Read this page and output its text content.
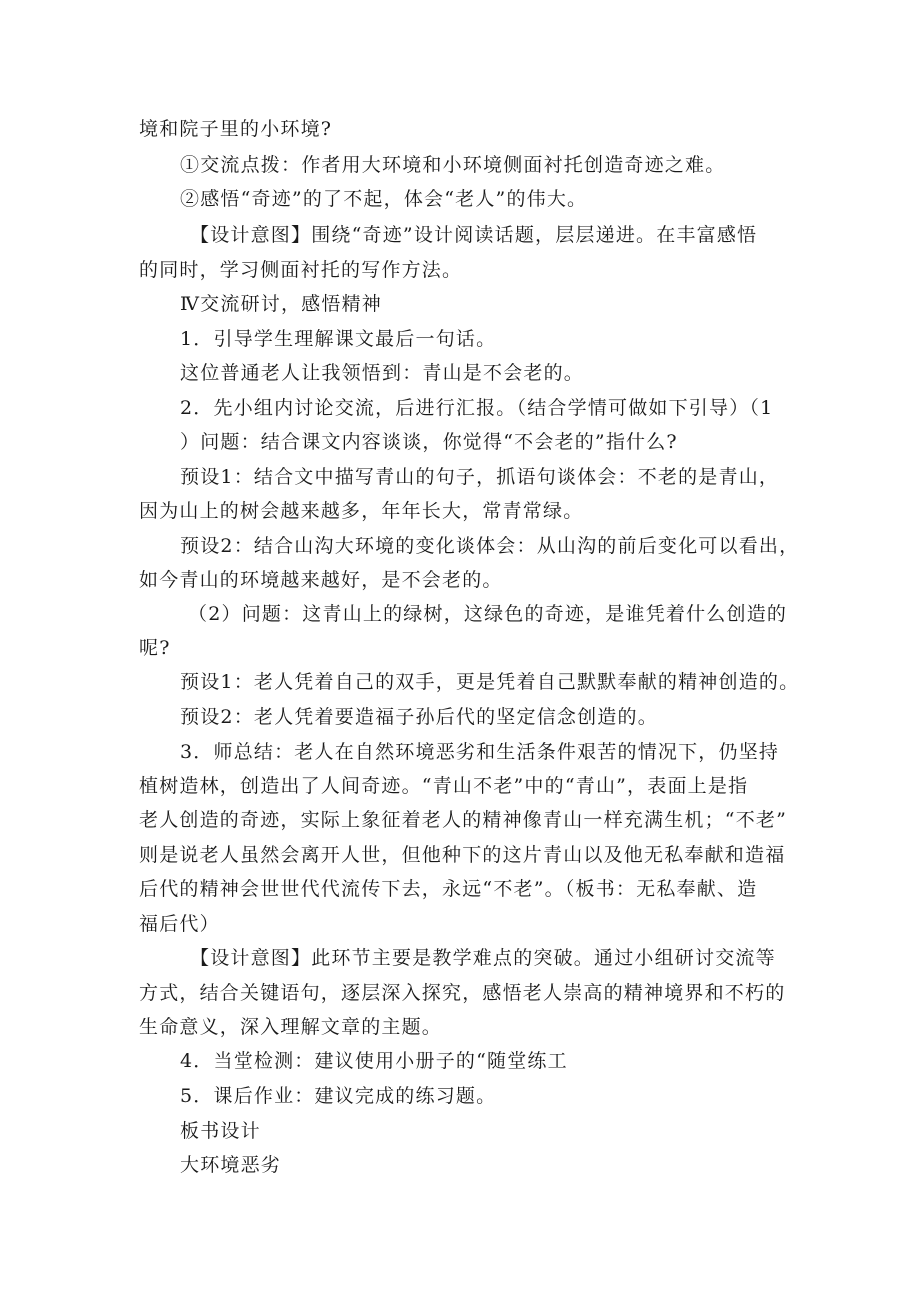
境和院子里的小环境?
①交流点拨：作者用大环境和小环境侧面衬托创造奇迹之难。
②感悟“奇迹”的了不起，体会“老人”的伟大。
【设计意图】围绕“奇迹”设计阅读话题，层层递进。在丰富感悟
的同时，学习侧面衬托的写作方法。
Ⅳ交流研讨，感悟精神
1．引导学生理解课文最后一句话。
这位普通老人让我领悟到：青山是不会老的。
2．先小组内讨论交流，后进行汇报。（结合学情可做如下引导）（1
）问题：结合课文内容谈谈，你觉得“不会老的”指什么?
预设1：结合文中描写青山的句子，抓语句谈体会：不老的是青山，
因为山上的树会越来越多，年年长大，常青常绿。
预设2：结合山沟大环境的变化谈体会：从山沟的前后变化可以看出，
如今青山的环境越来越好，是不会老的。
（2）问题：这青山上的绿树，这绿色的奇迹，是谁凭着什么创造的
呢?
预设1：老人凭着自己的双手，更是凭着自己默默奉献的精神创造的。
预设2：老人凭着要造福子孙后代的坚定信念创造的。
3．师总结：老人在自然环境恶劣和生活条件艰苦的情况下，仍坚持
植树造林，创造出了人间奇迹。“青山不老”中的“青山”，表面上是指
老人创造的奇迹，实际上象征着老人的精神像青山一样充满生机；“不老”
则是说老人虽然会离开人世，但他种下的这片青山以及他无私奉献和造福
后代的精神会世世代代流传下去，永远“不老”。（板书：无私奉献、造
福后代）
【设计意图】此环节主要是教学难点的突破。通过小组研讨交流等
方式，结合关键语句，逐层深入探究，感悟老人崇高的精神境界和不朽的
生命意义，深入理解文章的主题。
4．当堂检测：建议使用小册子的“随堂练工
5．课后作业：建议完成的练习题。
板书设计
大环境恶劣
